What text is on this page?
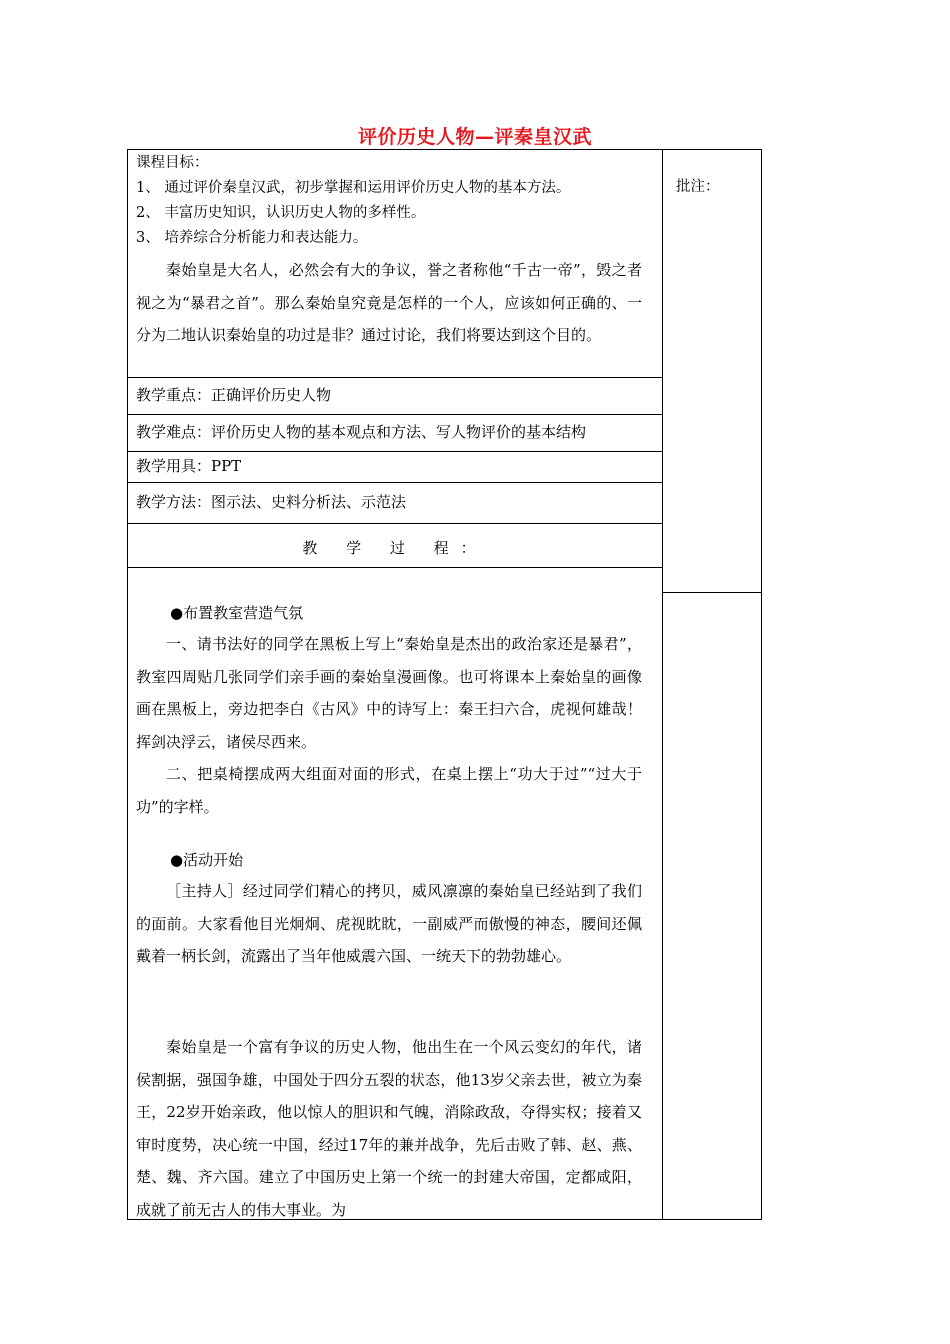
评价历史人物—评秦皇汉武
批注：
课程目标：
1、 通过评价秦皇汉武，初步掌握和运用评价历史人物的基本方法。
2、 丰富历史知识，认识历史人物的多样性。
3、 培养综合分析能力和表达能力。
秦始皇是大名人，必然会有大的争议，誉之者称他“千古一帝”，毁之者视之为“暴君之首”。那么秦始皇究竟是怎样的一个人，应该如何正确的、一分为二地认识秦始皇的功过是非？通过讨论，我们将要达到这个目的。
教学重点：正确评价历史人物
教学难点：评价历史人物的基本观点和方法、写人物评价的基本结构
教学用具：PPT
教学方法：图示法、史料分析法、示范法
教 学 过 程：
●布置教室营造气氛
一、请书法好的同学在黑板上写上“秦始皇是杰出的政治家还是暴君”，教室四周贴几张同学们亲手画的秦始皇漫画像。也可将课本上秦始皇的画像画在黑板上，旁边把李白《古风》中的诗写上：秦王扫六合，虎视何雄哉！挥剑决浮云，诸侯尽西来。
二、把桌椅摆成两大组面对面的形式，在桌上摆上“功大于过”“过大于功”的字样。
●活动开始
［主持人］经过同学们精心的拷贝，威风凛凛的秦始皇已经站到了我们的面前。大家看他目光炯炯、虎视眈眈，一副威严而傲慢的神态，腰间还佩戴着一柄长剑，流露出了当年他威震六国、一统天下的勃勃雄心。
秦始皇是一个富有争议的历史人物，他出生在一个风云变幻的年代，诸侯割据，强国争雄，中国处于四分五裂的状态，他13岁父亲去世，被立为秦王，22岁开始亲政，他以惊人的胆识和气魄，消除政敌，夺得实权；接着又审时度势，决心统一中国，经过17年的兼并战争，先后击败了韩、赵、燕、楚、魏、齐六国。建立了中国历史上第一个统一的封建大帝国，定都咸阳，成就了前无古人的伟大事业。为
